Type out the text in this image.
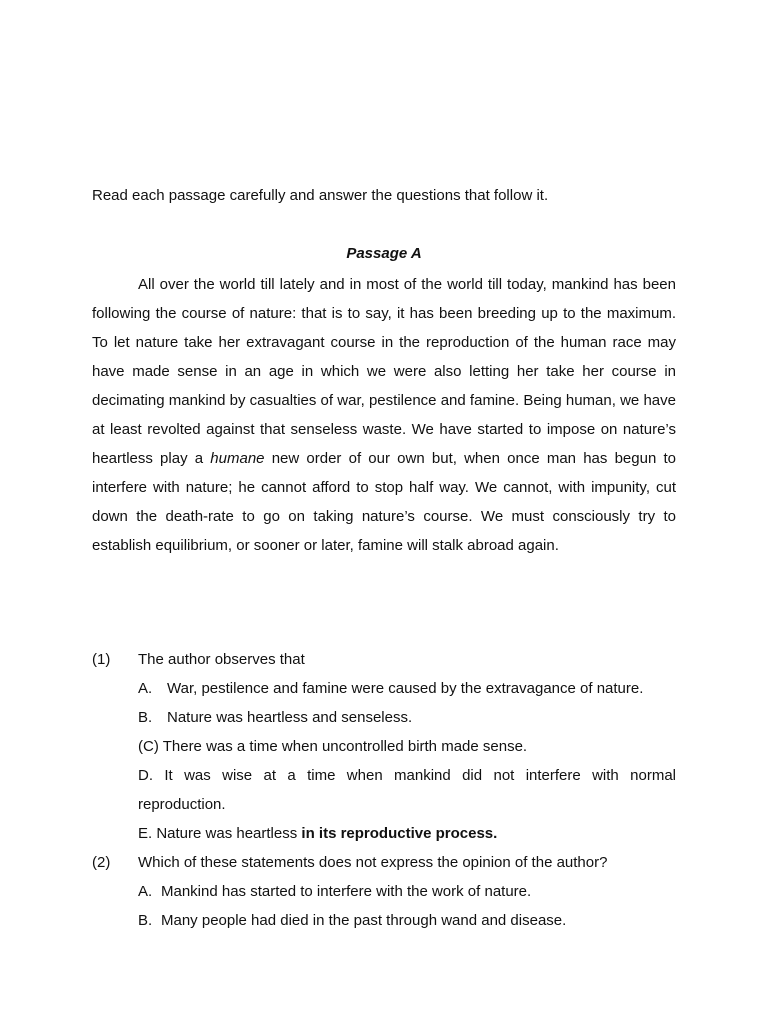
Read each passage carefully and answer the questions that follow it.
Passage A

All over the world till lately and in most of the world till today, mankind has been following the course of nature: that is to say, it has been breeding up to the maximum. To let nature take her extravagant course in the reproduction of the human race may have made sense in an age in which we were also letting her take her course in decimating mankind by casualties of war, pestilence and famine. Being human, we have at least revolted against that senseless waste. We have started to impose on nature’s heartless play a humane new order of our own but, when once man has begun to interfere with nature; he cannot afford to stop half way. We cannot, with impunity, cut down the death-rate to go on taking nature’s course. We must consciously try to establish equilibrium, or sooner or later, famine will stalk abroad again.

(1) The author observes that
A. War, pestilence and famine were caused by the extravagance of nature.
B. Nature was heartless and senseless.
(C) There was a time when uncontrolled birth made sense.
D. It was wise at a time when mankind did not interfere with normal
reproduction.
E. Nature was heartless in its reproductive process.
(2) Which of these statements does not express the opinion of the author?
A. Mankind has started to interfere with the work of nature.
B. Many people had died in the past through wand and disease.
